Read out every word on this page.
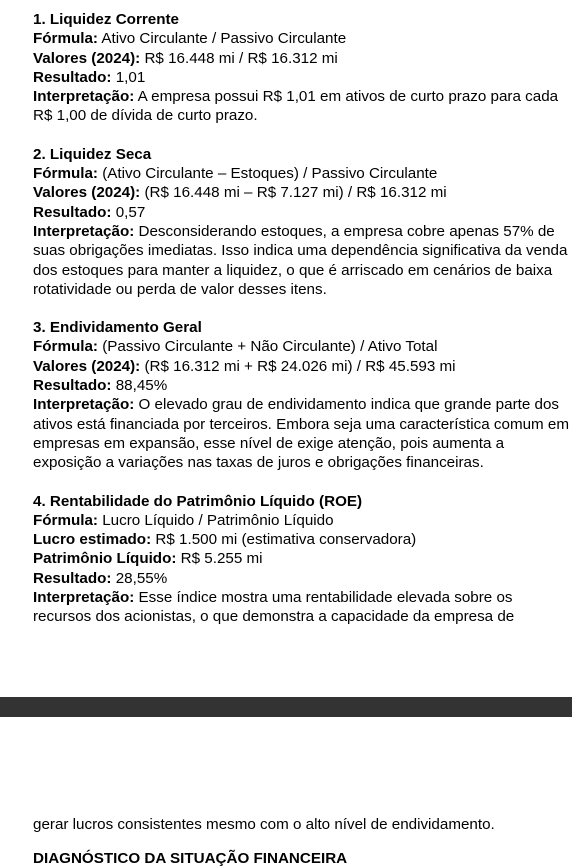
1. Liquidez Corrente

Fórmula: Ativo Circulante / Passivo Circulante

Valores (2024): R$ 16.448 mi / R$ 16.312 mi

Resultado: 1,01

Interpretação: A empresa possui R$ 1,01 em ativos de curto prazo para cada R$ 1,00 de dívida de curto prazo.

2. Liquidez Seca

Fórmula: (Ativo Circulante – Estoques) / Passivo Circulante

Valores (2024): (R$ 16.448 mi – R$ 7.127 mi) / R$ 16.312 mi

Resultado: 0,57

Interpretação: Desconsiderando estoques, a empresa cobre apenas 57% de suas obrigações imediatas. Isso indica uma dependência significativa da venda dos estoques para manter a liquidez, o que é arriscado em cenários de baixa rotatividade ou perda de valor desses itens.

3. Endividamento Geral

Fórmula: (Passivo Circulante + Não Circulante) / Ativo Total

Valores (2024): (R$ 16.312 mi + R$ 24.026 mi) / R$ 45.593 mi

Resultado: 88,45%

Interpretação: O elevado grau de endividamento indica que grande parte dos ativos está financiada por terceiros. Embora seja uma característica comum em empresas em expansão, esse nível de exige atenção, pois aumenta a exposição a variações nas taxas de juros e obrigações financeiras.

4. Rentabilidade do Patrimônio Líquido (ROE)

Fórmula: Lucro Líquido / Patrimônio Líquido

Lucro estimado: R$ 1.500 mi (estimativa conservadora)

Patrimônio Líquido: R$ 5.255 mi

Resultado: 28,55%

Interpretação: Esse índice mostra uma rentabilidade elevada sobre os recursos dos acionistas, o que demonstra a capacidade da empresa de

gerar lucros consistentes mesmo com o alto nível de endividamento.

DIAGNÓSTICO DA SITUAÇÃO FINANCEIRA
